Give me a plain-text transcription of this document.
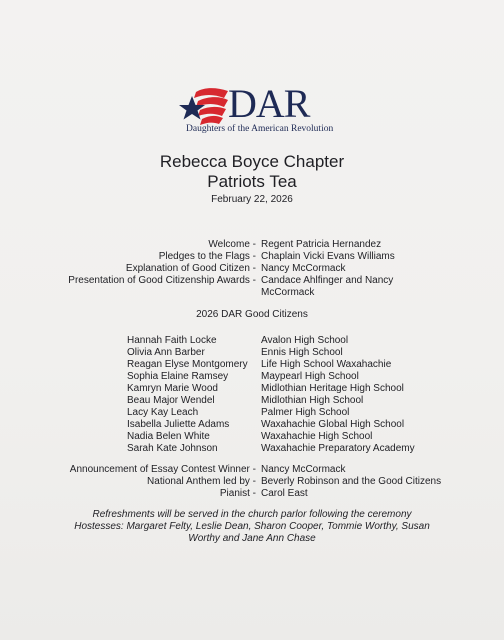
DAR
Daughters of the American Revolution
Rebecca Boyce Chapter
Patriots Tea
February 22, 2026
Welcome - Regent Patricia Hernandez
Pledges to the Flags - Chaplain Vicki Evans Williams
Explanation of Good Citizen - Nancy McCormack
Presentation of Good Citizenship Awards - Candace Ahlfinger and Nancy
McCormack
2026 DAR Good Citizens
Hannah Faith Locke	Avalon High School
Olivia Ann Barber	Ennis High School
Reagan Elyse Montgomery Life High School Waxahachie
Sophia Elaine Ramsey	Maypearl High School
Kamryn Marie Wood	Midlothian Heritage High School
Beau Major Wendel	Midlothian High School
Lacy Kay Leach	Palmer High School
Isabella Juliette Adams	Waxahachie Global High School
Nadia Belen White	Waxahachie High School
Sarah Kate Johnson	Waxahachie Preparatory Academy
Announcement of Essay Contest Winner - Nancy McCormack
National Anthem led by - Beverly Robinson and the Good Citizens
Pianist - Carol East
Refreshments will be served in the church parlor following the ceremony
Hostesses: Margaret Felty, Leslie Dean, Sharon Cooper, Tommie Worthy, Susan
Worthy and Jane Ann Chase
